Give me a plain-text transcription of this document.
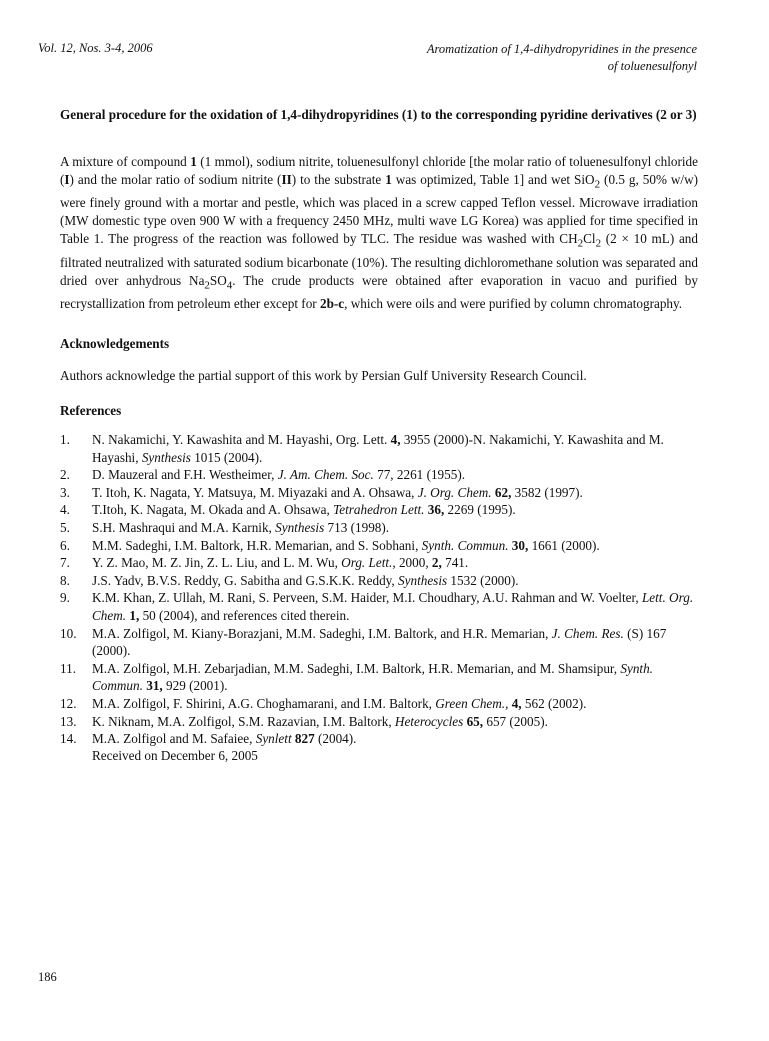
Vol. 12, Nos. 3-4, 2006	Aromatization of 1,4-dihydropyridines in the presence
of toluenesulfonyl
General procedure for the oxidation of 1,4-dihydropyridines (1) to the corresponding pyridine derivatives (2 or 3)
A mixture of compound 1 (1 mmol), sodium nitrite, toluenesulfonyl chloride [the molar ratio of toluenesulfonyl chloride (I) and the molar ratio of sodium nitrite (II) to the substrate 1 was optimized, Table 1] and wet SiO$_2$ (0.5 g, 50% w/w) were finely ground with a mortar and pestle, which was placed in a screw capped Teflon vessel. Microwave irradiation (MW domestic type oven 900 W with a frequency 2450 MHz, multi wave LG Korea) was applied for time specified in Table 1. The progress of the reaction was followed by TLC. The residue was washed with $CH_2Cl_2$ (2 × 10 mL) and filtrated neutralized with saturated sodium bicarbonate (10%). The resulting dichloromethane solution was separated and dried over anhydrous $Na_2SO_4$. The crude products were obtained after evaporation in vacuo and purified by recrystallization from petroleum ether except for 2b-c, which were oils and were purified by column chromatography.
Acknowledgements
Authors acknowledge the partial support of this work by Persian Gulf University Research Council.
References
1. N. Nakamichi, Y. Kawashita and M. Hayashi, Org. Lett. 4, 3955 (2000)-N. Nakamichi, Y. Kawashita and M. Hayashi, Synthesis 1015 (2004).
2. D. Mauzeral and F.H. Westheimer, J. Am. Chem. Soc. 77, 2261 (1955).
3. T. Itoh, K. Nagata, Y. Matsuya, M. Miyazaki and A. Ohsawa, J. Org. Chem. 62, 3582 (1997).
4. T.Itoh, K. Nagata, M. Okada and A. Ohsawa, Tetrahedron Lett. 36, 2269 (1995).
5. S.H. Mashraqui and M.A. Karnik, Synthesis 713 (1998).
6. M.M. Sadeghi, I.M. Baltork, H.R. Memarian, and S. Sobhani, Synth. Commun. 30, 1661 (2000).
7. Y. Z. Mao, M. Z. Jin, Z. L. Liu, and L. M. Wu, Org. Lett., 2000, 2, 741.
8. J.S. Yadv, B.V.S. Reddy, G. Sabitha and G.S.K.K. Reddy, Synthesis 1532 (2000).
9. K.M. Khan, Z. Ullah, M. Rani, S. Perveen, S.M. Haider, M.I. Choudhary, A.U. Rahman and W. Voelter, Lett. Org. Chem. 1, 50 (2004), and references cited therein.
10. M.A. Zolfigol, M. Kiany-Borazjani, M.M. Sadeghi, I.M. Baltork, and H.R. Memarian, J. Chem. Res. (S) 167 (2000).
11. M.A. Zolfigol, M.H. Zebarjadian, M.M. Sadeghi, I.M. Baltork, H.R. Memarian, and M. Shamsipur, Synth. Commun. 31, 929 (2001).
12. M.A. Zolfigol, F. Shirini, A.G. Choghamarani, and I.M. Baltork, Green Chem., 4, 562 (2002).
13. K. Niknam, M.A. Zolfigol, S.M. Razavian, I.M. Baltork, Heterocycles 65, 657 (2005).
14. M.A. Zolfigol and M. Safaiee, Synlett 827 (2004).
Received on December 6, 2005
186
